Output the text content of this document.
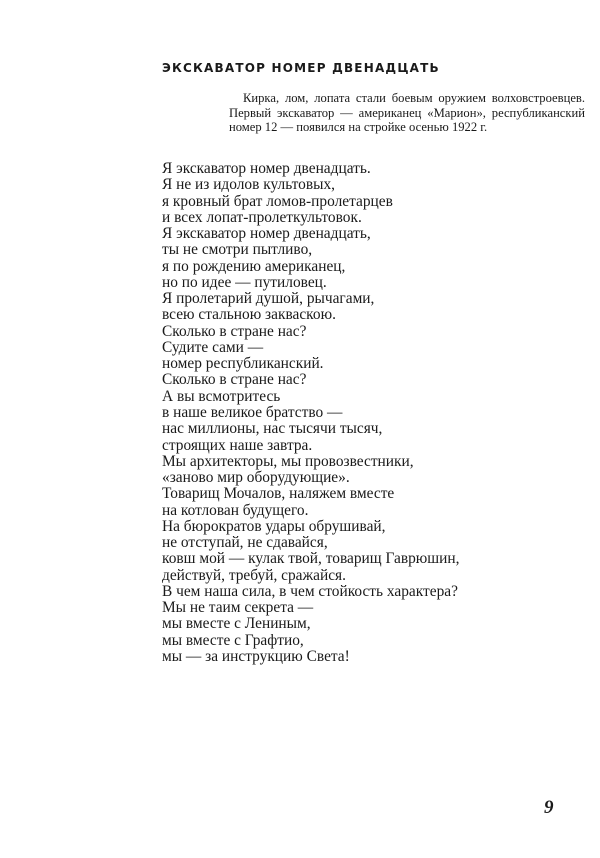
ЭКСКАВАТОР НОМЕР ДВЕНАДЦАТЬ
Кирка, лом, лопата стали боевым оружием волховстроевцев. Первый экскаватор — американец «Марион», республиканский номер 12 — появился на стройке осенью 1922 г.
Я экскаватор номер двенадцать.
Я не из идолов культовых,
я кровный брат ломов-пролетарцев
и всех лопат-пролеткультовок.
Я экскаватор номер двенадцать,
ты не смотри пытливо,
я по рождению американец,
но по идее — путиловец.
Я пролетарий душой, рычагами,
всею стальною закваскою.
Сколько в стране нас?
Судите сами —
номер республиканский.
Сколько в стране нас?
А вы всмотритесь
в наше великое братство —
нас миллионы, нас тысячи тысяч,
строящих наше завтра.
Мы архитекторы, мы провозвестники,
«заново мир оборудующие».
Товарищ Мочалов, наляжем вместе
на котлован будущего.
На бюрократов удары обрушивай,
не отступай, не сдавайся,
ковш мой — кулак твой, товарищ Гаврюшин,
действуй, требуй, сражайся.
В чем наша сила, в чем стойкость характера?
Мы не таим секрета —
мы вместе с Лениным,
мы вместе с Графтио,
мы — за инструкцию Света!
9
